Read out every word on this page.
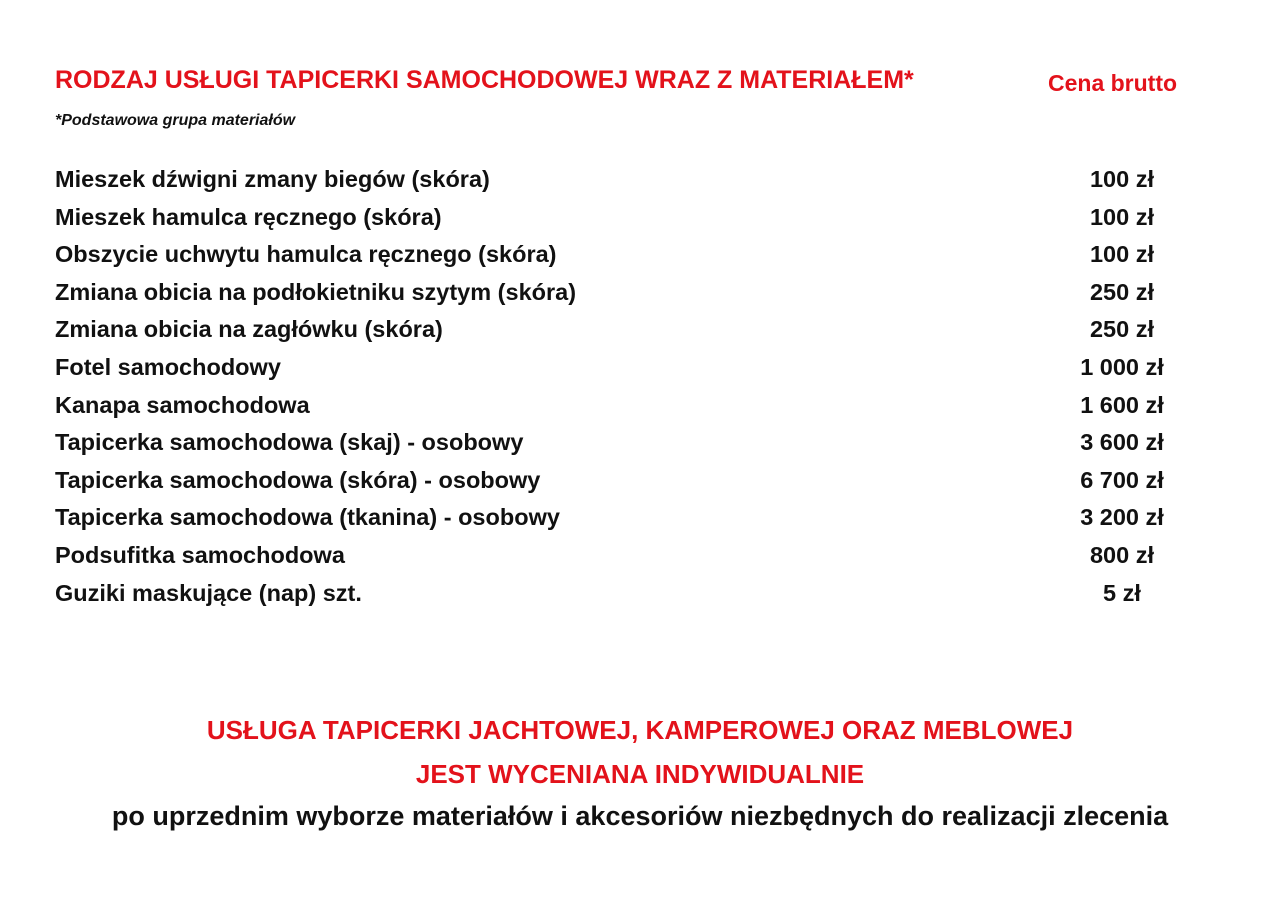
RODZAJ USŁUGI TAPICERKI SAMOCHODOWEJ WRAZ Z MATERIAŁEM*	Cena brutto
*Podstawowa grupa materiałów
Mieszek dźwigni zmany biegów (skóra)	100 zł
Mieszek hamulca ręcznego (skóra)	100 zł
Obszycie uchwytu hamulca ręcznego (skóra)	100 zł
Zmiana obicia na podłokietniku szytym (skóra)	250 zł
Zmiana obicia na zagłówku (skóra)	250 zł
Fotel samochodowy	1 000 zł
Kanapa samochodowa	1 600 zł
Tapicerka samochodowa (skaj) - osobowy	3 600 zł
Tapicerka samochodowa (skóra) - osobowy	6 700 zł
Tapicerka samochodowa (tkanina) - osobowy	3 200 zł
Podsufitka samochodowa	800 zł
Guziki maskujące (nap) szt.	5 zł
USŁUGA TAPICERKI JACHTOWEJ, KAMPEROWEJ ORAZ MEBLOWEJ
JEST WYCENIANA INDYWIDUALNIE
po uprzednim wyborze materiałów i akcesoriów niezbędnych do realizacji zlecenia
